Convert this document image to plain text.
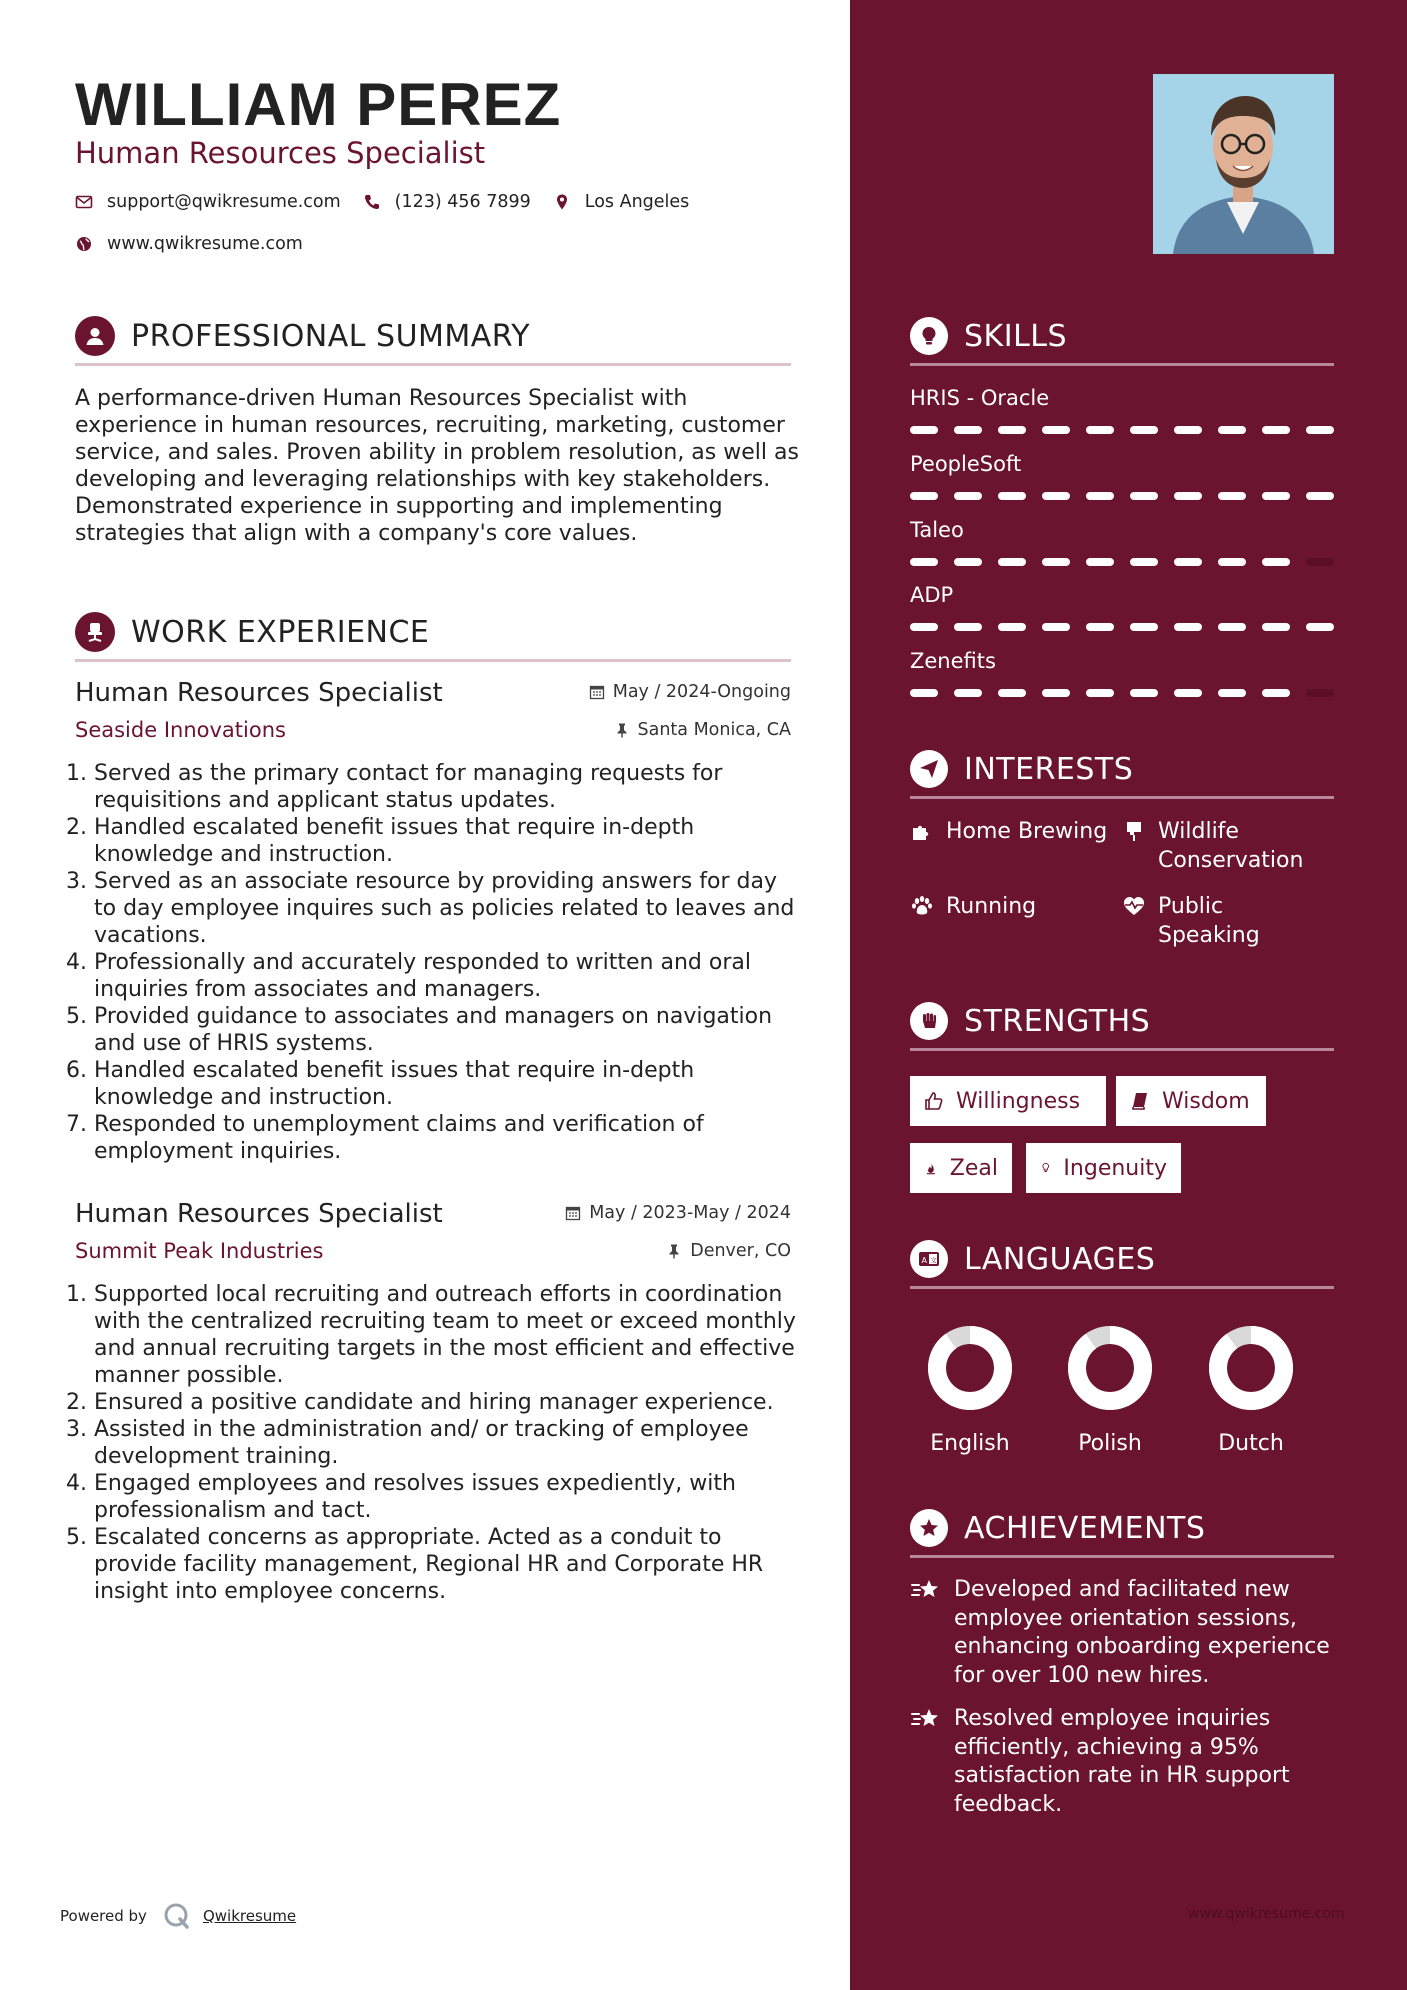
WILLIAM PEREZ
Human Resources Specialist
support@qwikresume.com	(123) 456 7899	Los Angeles
www.qwikresume.com
PROFESSIONAL SUMMARY
A performance-driven Human Resources Specialist with experience in human resources, recruiting, marketing, customer service, and sales. Proven ability in problem resolution, as well as developing and leveraging relationships with key stakeholders. Demonstrated experience in supporting and implementing strategies that align with a company's core values.
WORK EXPERIENCE
Human Resources Specialist	May / 2024-Ongoing
Seaside Innovations	Santa Monica, CA
1. Served as the primary contact for managing requests for requisitions and applicant status updates.
2. Handled escalated benefit issues that require in-depth knowledge and instruction.
3. Served as an associate resource by providing answers for day to day employee inquires such as policies related to leaves and vacations.
4. Professionally and accurately responded to written and oral inquiries from associates and managers.
5. Provided guidance to associates and managers on navigation and use of HRIS systems.
6. Handled escalated benefit issues that require in-depth knowledge and instruction.
7. Responded to unemployment claims and verification of employment inquiries.
Human Resources Specialist	May / 2023-May / 2024
Summit Peak Industries	Denver, CO
1. Supported local recruiting and outreach efforts in coordination with the centralized recruiting team to meet or exceed monthly and annual recruiting targets in the most efficient and effective manner possible.
2. Ensured a positive candidate and hiring manager experience.
3. Assisted in the administration and/ or tracking of employee development training.
4. Engaged employees and resolves issues expediently, with professionalism and tact.
5. Escalated concerns as appropriate. Acted as a conduit to provide facility management, Regional HR and Corporate HR insight into employee concerns.
Powered by	Qwikresume
SKILLS
HRIS - Oracle
PeopleSoft
Taleo
ADP
Zenefits
INTERESTS
Home Brewing Wildlife Conservation
Running	Public Speaking
STRENGTHS
Willingness	Wisdom
Zeal	Ingenuity
A 文 LANGUAGES
English	Polish	Dutch
ACHIEVEMENTS
Developed and facilitated new employee orientation sessions, enhancing onboarding experience for over 100 new hires.
Resolved employee inquiries efficiently, achieving a 95% satisfaction rate in HR support feedback.
www.qwikresume.com
